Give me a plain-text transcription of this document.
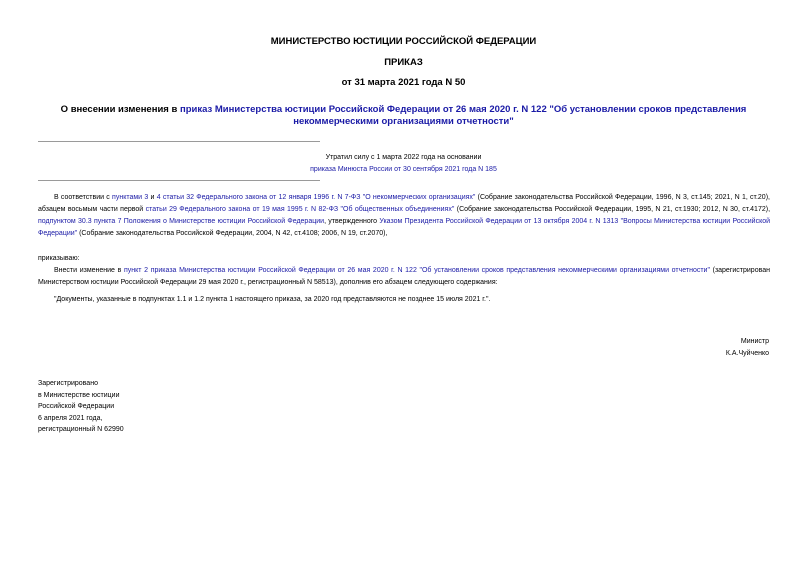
МИНИСТЕРСТВО ЮСТИЦИИ РОССИЙСКОЙ ФЕДЕРАЦИИ
ПРИКАЗ
от 31 марта 2021 года N 50
О внесении изменения в приказ Министерства юстиции Российской Федерации от 26 мая 2020 г. N 122 "Об установлении сроков представления некоммерческими организациями отчетности"
Утратил силу с 1 марта 2022 года на основании
приказа Минюста России от 30 сентября 2021 года N 185
В соответствии с пунктами 3 и 4 статьи 32 Федерального закона от 12 января 1996 г. N 7-ФЗ "О некоммерческих организациях" (Собрание законодательства Российской Федерации, 1996, N 3, ст.145; 2021, N 1, ст.20), абзацем восьмым части первой статьи 29 Федерального закона от 19 мая 1995 г. N 82-ФЗ "Об общественных объединениях" (Собрание законодательства Российской Федерации, 1995, N 21, ст.1930; 2012, N 30, ст.4172), подпунктом 30.3 пункта 7 Положения о Министерстве юстиции Российской Федерации, утвержденного Указом Президента Российской Федерации от 13 октября 2004 г. N 1313 "Вопросы Министерства юстиции Российской Федерации" (Собрание законодательства Российской Федерации, 2004, N 42, ст.4108; 2006, N 19, ст.2070),
приказываю:
Внести изменение в пункт 2 приказа Министерства юстиции Российской Федерации от 26 мая 2020 г. N 122 "Об установлении сроков представления некоммерческими организациями отчетности" (зарегистрирован Министерством юстиции Российской Федерации 29 мая 2020 г., регистрационный N 58513), дополнив его абзацем следующего содержания:
"Документы, указанные в подпунктах 1.1 и 1.2 пункта 1 настоящего приказа, за 2020 год представляются не позднее 15 июля 2021 г.".
Министр
К.А.Чуйченко
Зарегистрировано
в Министерстве юстиции
Российской Федерации
6 апреля 2021 года,
регистрационный N 62990
